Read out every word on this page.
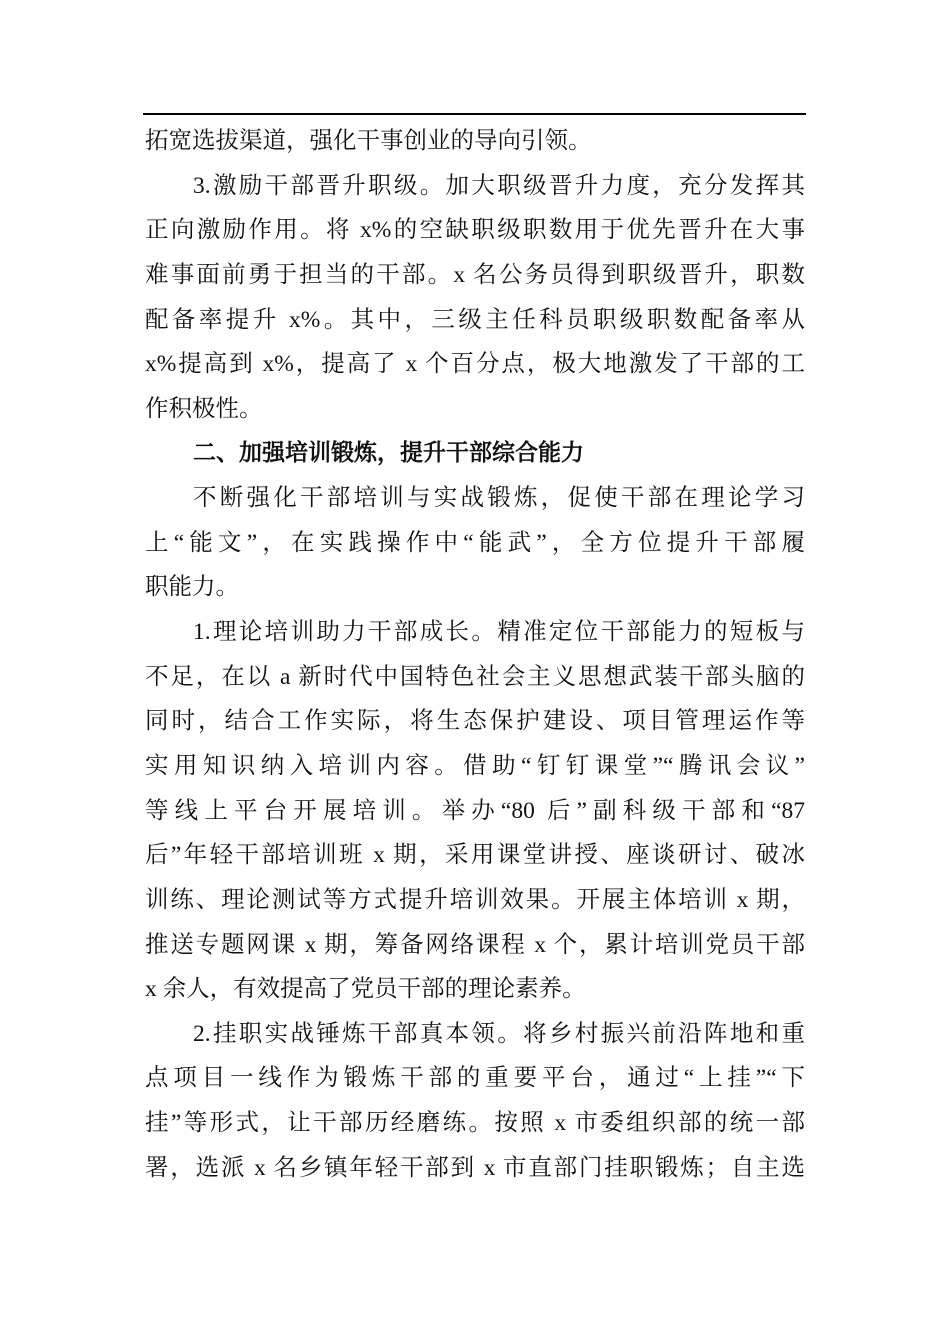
拓宽选拔渠道，强化干事创业的导向引领。
3.激励干部晋升职级。加大职级晋升力度，充分发挥其
正向激励作用。将 x%的空缺职级职数用于优先晋升在大事
难事面前勇于担当的干部。x 名公务员得到职级晋升，职数
配备率提升 x%。其中，三级主任科员职级职数配备率从
x%提高到 x%，提高了 x 个百分点，极大地激发了干部的工
作积极性。
二、加强培训锻炼，提升干部综合能力
不断强化干部培训与实战锻炼，促使干部在理论学习
上“能文”，在实践操作中“能武”，全方位提升干部履
职能力。
1.理论培训助力干部成长。精准定位干部能力的短板与
不足，在以 a 新时代中国特色社会主义思想武装干部头脑的
同时，结合工作实际，将生态保护建设、项目管理运作等
实用知识纳入培训内容。借助“钉钉课堂”“腾讯会议”
等线上平台开展培训。举办“80 后”副科级干部和“87
后”年轻干部培训班 x 期，采用课堂讲授、座谈研讨、破冰
训练、理论测试等方式提升培训效果。开展主体培训 x 期，
推送专题网课 x 期，筹备网络课程 x 个，累计培训党员干部
x 余人，有效提高了党员干部的理论素养。
2.挂职实战锤炼干部真本领。将乡村振兴前沿阵地和重
点项目一线作为锻炼干部的重要平台，通过“上挂”“下
挂”等形式，让干部历经磨练。按照 x 市委组织部的统一部
署，选派 x 名乡镇年轻干部到 x 市直部门挂职锻炼；自主选
